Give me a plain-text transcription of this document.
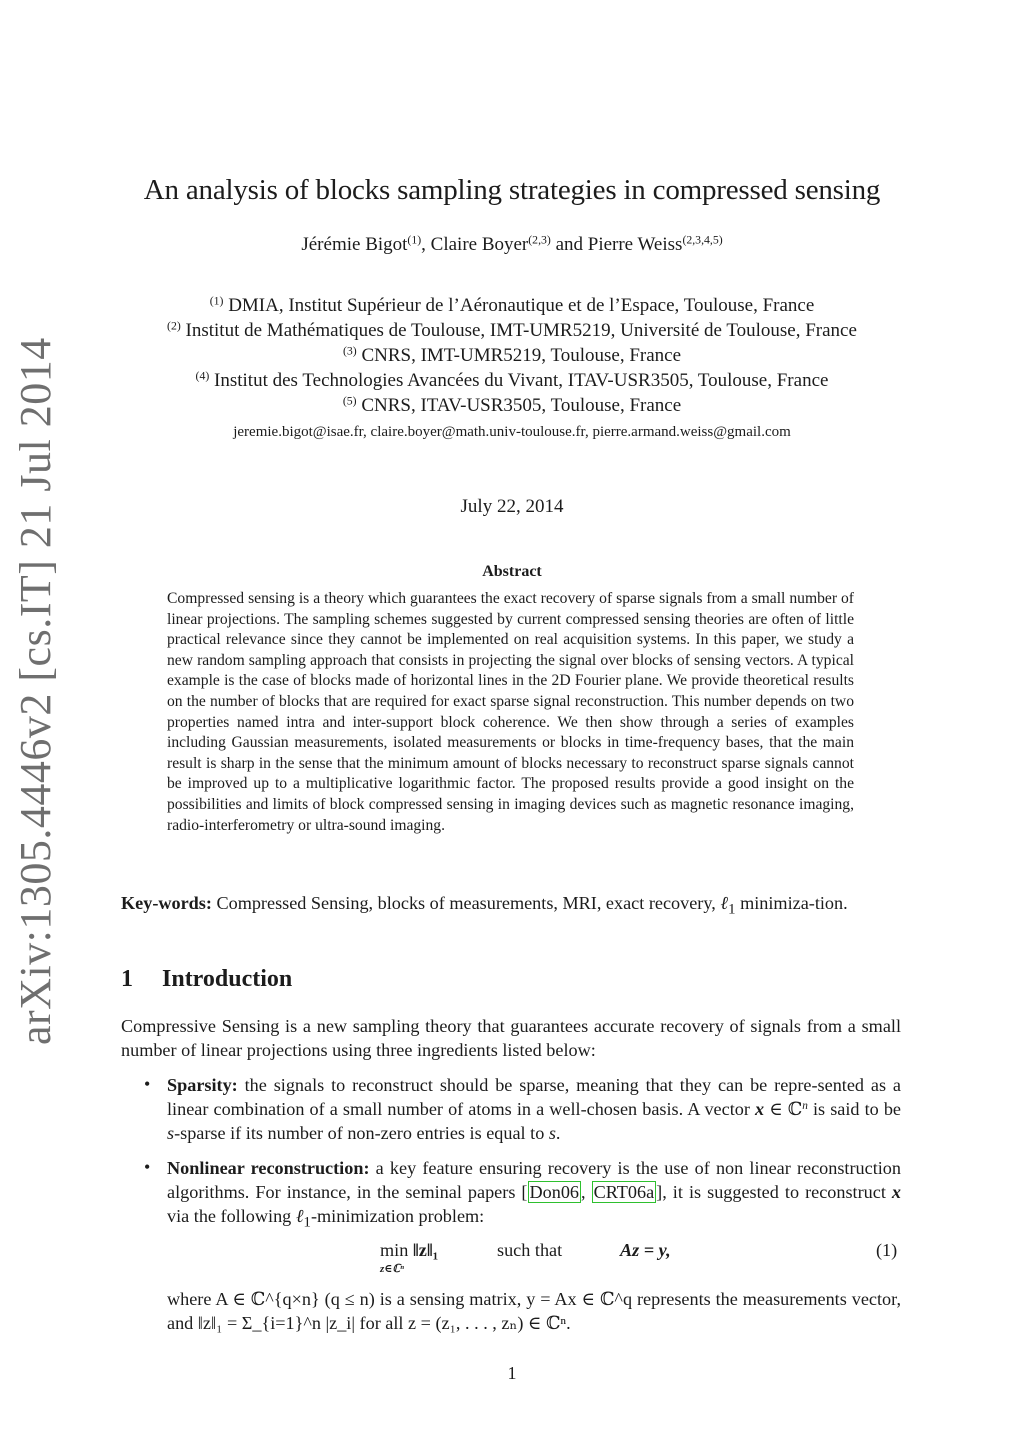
arXiv:1305.4446v2 [cs.IT] 21 Jul 2014
An analysis of blocks sampling strategies in compressed sensing
Jérémie Bigot$^{(1)}$, Claire Boyer$^{(2,3)}$ and Pierre Weiss$^{(2,3,4,5)}$
$^{(1)}$ DMIA, Institut Supérieur de l’Aéronautique et de l’Espace, Toulouse, France
$^{(2)}$ Institut de Mathématiques de Toulouse, IMT-UMR5219, Université de Toulouse, France
$^{(3)}$ CNRS, IMT-UMR5219, Toulouse, France
$^{(4)}$ Institut des Technologies Avancées du Vivant, ITAV-USR3505, Toulouse, France
$^{(5)}$ CNRS, ITAV-USR3505, Toulouse, France
jeremie.bigot@isae.fr, claire.boyer@math.univ-toulouse.fr, pierre.armand.weiss@gmail.com
July 22, 2014
Abstract
Compressed sensing is a theory which guarantees the exact recovery of sparse signals from a small number of linear projections. The sampling schemes suggested by current compressed sensing theories are often of little practical relevance since they cannot be implemented on real acquisition systems. In this paper, we study a new random sampling approach that consists in projecting the signal over blocks of sensing vectors. A typical example is the case of blocks made of horizontal lines in the 2D Fourier plane. We provide theoretical results on the number of blocks that are required for exact sparse signal reconstruction. This number depends on two properties named intra and inter-support block coherence. We then show through a series of examples including Gaussian measurements, isolated measurements or blocks in time-frequency bases, that the main result is sharp in the sense that the minimum amount of blocks necessary to reconstruct sparse signals cannot be improved up to a multiplicative logarithmic factor. The proposed results provide a good insight on the possibilities and limits of block compressed sensing in imaging devices such as magnetic resonance imaging, radio-interferometry or ultra-sound imaging.
Key-words: Compressed Sensing, blocks of measurements, MRI, exact recovery, ℓ$_1$ minimiza-tion.
1 Introduction
Compressive Sensing is a new sampling theory that guarantees accurate recovery of signals from a small number of linear projections using three ingredients listed below:
• Sparsity: the signals to reconstruct should be sparse, meaning that they can be repre-sented as a linear combination of a small number of atoms in a well-chosen basis. A vector x ∈ ℂ$^n$ is said to be s-sparse if its number of non-zero entries is equal to s.
• Nonlinear reconstruction: a key feature ensuring recovery is the use of non linear reconstruction algorithms. For instance, in the seminal papers [ Don06 , CRT06a ], it is suggested to reconstruct x via the following ℓ$_1$-minimization problem:
min
z∈ℂⁿ
‖z‖₁	such that	Az = y,	(1)
where A ∈ ℂ^{q×n} (q ≤ n) is a sensing matrix, y = Ax ∈ ℂ^q represents the measurements vector, and ‖z‖₁ = Σ_{i=1}^n |z_i| for all z = (z₁, . . . , zₙ) ∈ ℂⁿ.
1
